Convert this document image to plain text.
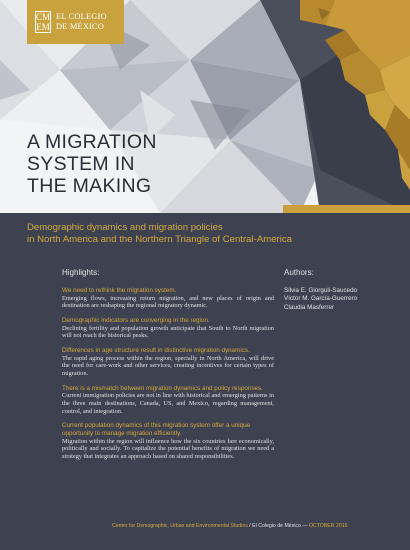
CM
EM
EL COLEGIO
DE MÉXICO
A MIGRATION
SYSTEM IN
THE MAKING
Demographic dynamics and migration policies
in North America and the Northern Triangle of Central-America
Highlights:	Authors:
Silvia E. Giorguli-Saucedo
Víctor M. García-Guerrero
Claudia Masferrer
We need to rethink the migration system.
Emerging flows, increasing return migration, and new places of origin and destination are reshaping the regional migratory dynamic.
Demographic indicators are converging in the region.
Declining fertility and population growth anticipate that South to North migration will not reach the historical peaks.
Differences in age structure result in distinctive migration dynamics.
The rapid aging process within the region, specially in North America, will drive the need for care-work and other services, creating incentives for certain types of migration.
There is a mismatch between migration dynamics and policy responses.
Current immigration policies are not in line with historical and emerging patterns in the three main destinations, Canada, US, and Mexico, regarding management, control, and integration.
Current population dynamics of this migration system offer a unique opportunity to manage migration efficiently.
Migration within the region will influence how the six countries fare economically, politically and socially. To capitalize the potential benefits of migration we need a strategy that integrates an approach based on shared responsibilities.
Center for Demographic, Urban and Environmental Studies / El Colegio de México — OCTOBER 2016
